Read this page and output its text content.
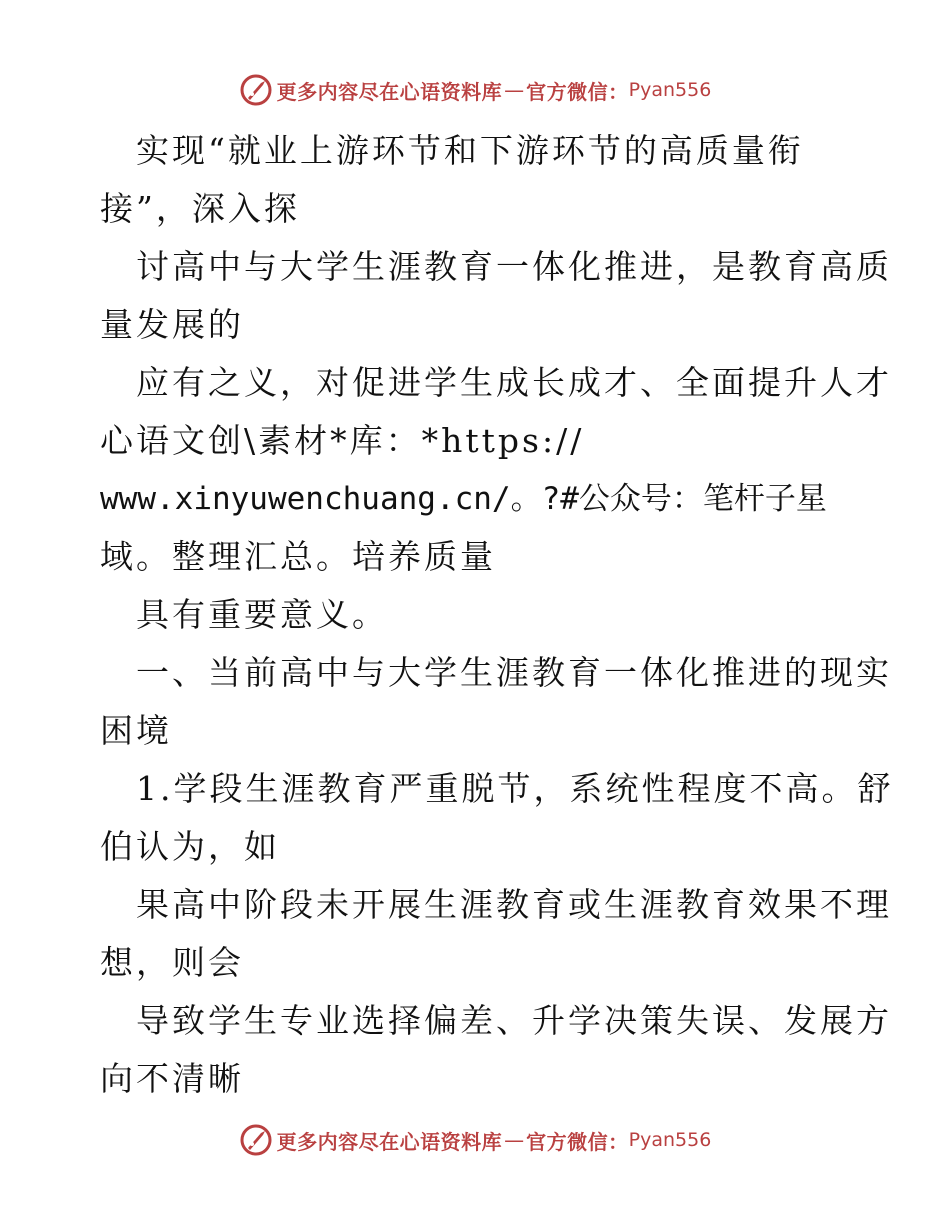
更多内容尽在心语资料库 — 官方微信： Pyan556
实现“就业上游环节和下游环节的高质量衔
接”，深入探
讨高中与大学生涯教育一体化推进，是教育高质
量发展的
应有之义，对促进学生成长成才、全面提升人才
心语文创\素材*库：*https://
www.xinyuwenchuang.cn/。?#公众号：笔杆子星
域。整理汇总。培养质量
具有重要意义。
一、当前高中与大学生涯教育一体化推进的现实
困境
1.学段生涯教育严重脱节，系统性程度不高。舒
伯认为，如
果高中阶段未开展生涯教育或生涯教育效果不理
想，则会
导致学生专业选择偏差、升学决策失误、发展方
向不清晰
更多内容尽在心语资料库 — 官方微信： Pyan556
